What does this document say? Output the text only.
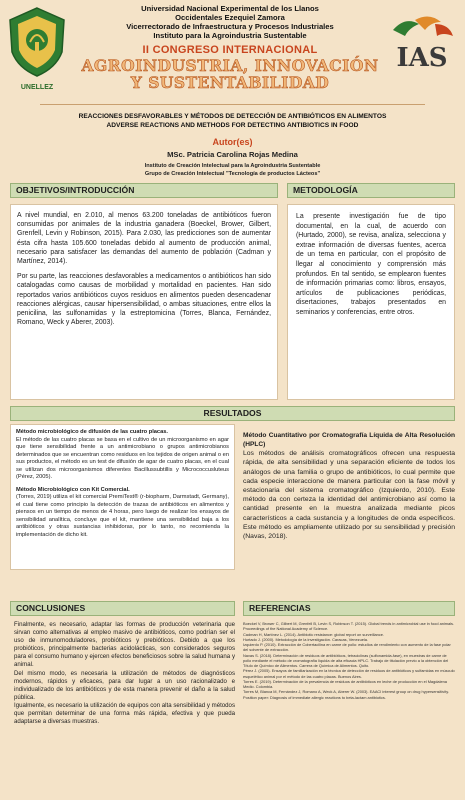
UNELLEZ
Universidad Nacional Experimental de los Llanos
Occidentales Ezequiel Zamora
Vicerrectorado de Infraestructura y Procesos Industriales
Instituto para la Agroindustria Sustentable
II CONGRESO INTERNACIONAL
AGROINDUSTRIA, INNOVACIÓN
Y SUSTENTABILIDAD
IAS
REACCIONES DESFAVORABLES Y MÉTODOS DE DETECCIÓN DE ANTIBIÓTICOS EN ALIMENTOS
ADVERSE REACTIONS AND METHODS FOR DETECTING ANTIBIOTICS IN FOOD
Autor(es)
MSc. Patricia Carolina Rojas Medina
Instituto de Creación Intelectual para la Agroindustria Sustentable
Grupo de Creación Intelectual "Tecnología de productos Lácteos"
OBJETIVOS/INTRODUCCIÓN

A nivel mundial, en 2.010, al menos 63.200 toneladas de antibióticos fueron consumidas por animales de la industria ganadera (Boeckel, Brower, Gilbert, Grenfell, Levin y Robinson, 2015). Para 2.030, las predicciones son de aumentar ésta cifra hasta 105.600 toneladas debido al aumento de producción animal, necesario para satisfacer las demandas del aumento de población (Cadman y Martínez, 2014).

Por su parte, las reacciones desfavorables a medicamentos o antibióticos han sido catalogadas como causas de morbilidad y mortalidad en pacientes. Han sido reportados varios antibióticos cuyos residuos en alimentos pueden desencadenar reacciones alérgicas, causar hipersensibilidad, o ambas situaciones, entre ellos la penicilina, las sulfonamidas y la estreptomicina (Torres, Blanca, Fernández, Romano, Weck y Aberer, 2003).

METODOLOGÍA

La presente investigación fue de tipo documental, en la cual, de acuerdo con (Hurtado, 2000), se revisa, analiza, selecciona y extrae información de diversas fuentes, acerca de un tema en particular, con el propósito de llegar al conocimiento y comprensión más profundos. En tal sentido, se emplearon fuentes de información primarias como: libros, ensayos, artículos de publicaciones periódicas, disertaciones, trabajos presentados en seminarios y conferencias, entre otros.

RESULTADOS

Método microbiológico de difusión de las cuatro placas.

El método de las cuatro placas se basa en el cultivo de un microorganismo en agar que tiene sensibilidad frente a un antimicrobiano o grupos antimicrobianos determinados que se encuentran como residuos en los tejidos de origen animal o en sus productos, el método es un test de difusión de agar de cuatro placas, en el cual se utilizan dos microorganismos diferentes Bacillussubtillis y Micrococcusluteus (Pérez, 2005).

Método Microbiológico con Kit Comercial.

(Torres, 2019) utiliza el kit comercial PremiTest® (r-biopharm, Darmstadt, Germany), el cual tiene como principio la detección de trazas de antibióticos en alimentos y piensos en un tiempo de menos de 4 horas, pero luego de realizar los ensayos de sensibilidad analítica, concluye que el kit, mantiene una sensibilidad baja a los antibióticos y otras sustancias inhibidoras, por lo tanto, no recomienda la implementación de dicho kit.

Método Cuantitativo por Cromatografía Líquida de Alta Resolución (HPLC)

Los métodos de análisis cromatográficos ofrecen una respuesta rápida, de alta sensibilidad y una separación eficiente de todos los análogos de una familia o grupo de antibióticos, lo cual permite que cada especie interaccione de manera particular con la fase móvil y estacionaria del sistema cromatográfico (Izquierdo, 2010). Este método da con certeza la identidad del antimicrobiano así como la cantidad presente en la muestra analizada mediante picos característicos a cada sustancia y a longitudes de onda específicos. Este método es ampliamente utilizado por su sensibilidad y precisión (Navas, 2018).

CONCLUSIONES

Finalmente, es necesario, adaptar las formas de producción veterinaria que sirvan como alternativas al empleo masivo de antibióticos, como podrían ser el uso de inmunomoduladores, probióticos y prebióticos. Debido a que los probióticos, principalmente bacterias acidolácticas, son considerados seguros para el consumo humano y ejercen efectos beneficiosos sobre la salud humana y animal.

Del mismo modo, es necesaria la utilización de métodos de diagnósticos modernos, rápidos y eficaces, para dar lugar a un uso racionalizado e individualizado de los antibióticos y de esta manera prevenir el daño a la salud pública.

Igualmente, es necesario la utilización de equipos con alta sensibilidad y métodos que permitan determinar de una forma más rápida, efectiva y que pueda adaptarse a diversas muestras.

REFERENCIAS

Boeckel V, Brower C, Gilbert M, Grenfell B, Levin S, Robinson T. (2015). Global trends in antimicrobial use in food animals. Proceedings of the National Academy of Science.

Cadman H, Martínez L. (2014). Antibiotic resistance: global report on surveillance.

Hurtado J. (2000). Metodología de la investigación. Caracas, Venezuela.

Izquierdo P. (2010). Extracción de Cobertacilina en carne de pollo: estudios de rendimiento con aumento de la fase polar del solvente de extracción.

Navas S. (2018). Determinación de residuos de antibióticos, tetraciclinas (sulfonamida-fase), en muestras de carne de pollo mediante el método de cromatografía líquida de alta eficacia HPLC. Trabajo de titulación previo a la obtención del Título de Químico de Alimentos. Carrera de Química de Alimentos. Quito.

Pérez J. (2005). Ensayos de familiarización en la técnica de detección de residuos de antibióticos y sulfamidas en músculo esquelético animal por el método de las cuatro placas. Buenos Aires.

Torres E. (2019). Determinación de la prevalencia de residuos de antibióticos en leche de producción en el Magdalena Medio. Colombia.

Torres M, Blanca M, Fernández J, Romano A, Weck A, Aberer W. (2003). EAACI interest group on drug hypersensitivity. Position paper: Diagnosis of immediate allergic reactions to beta-lactam antibiotics.
